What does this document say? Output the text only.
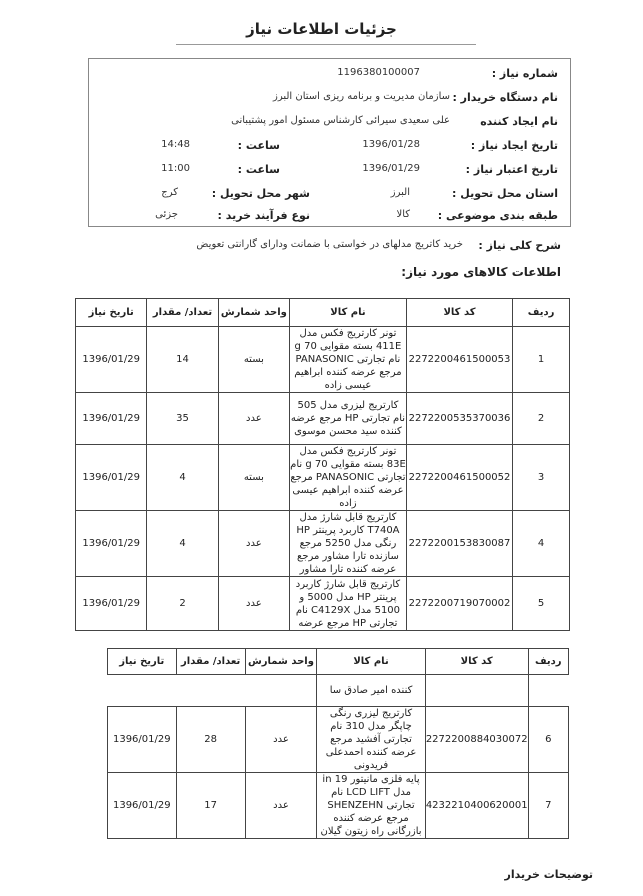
جزئیات اطلاعات نیاز
شماره نیاز :
1196380100007
نام دستگاه خریدار :
سازمان مدیریت و برنامه ریزی استان البرز
نام ایجاد کننده
علی سعیدی سیرائی کارشناس مسئول امور پشتیبانی
تاریخ ایجاد نیاز :
1396/01/28
ساعت :
14:48
تاریخ اعتبار نیاز :
1396/01/29
ساعت :
11:00
استان محل تحویل :
البرز
شهر محل تحویل :
کرج
طبقه بندی موضوعی :
کالا
نوع فرآیند خرید :
جزئی
شرح کلی نیاز :
خرید کاتریج مدلهای در خواستی با ضمانت ودارای گارانتی تعویض
اطلاعات کالاهای مورد نیاز:
ردیف	کد کالا	نام کالا	واحد شمارش	تعداد/ مقدار	تاریخ نیاز
1	2272200461500053	تونر کارتریج فکس مدل 411E بسته مقوایی 70 g نام تجارتی PANASONIC مرجع عرضه کننده ابراهیم عیسی زاده	بسته	14	1396/01/29
2	2272200535370036	کارتریج لیزری مدل 505 نام تجارتی HP مرجع عرضه کننده سید محسن موسوی	عدد	35	1396/01/29
3	2272200461500052	تونر کارتریج فکس مدل 83E بسته مقوایی 70 g نام تجارتی PANASONIC مرجع عرضه کننده ابراهیم عیسی زاده	بسته	4	1396/01/29
4	2272200153830087	کارتریج قابل شارژ مدل T740A کاربرد پرینتر HP رنگی مدل 5250 مرجع سازنده تارا مشاور مرجع عرضه کننده تارا مشاور	عدد	4	1396/01/29
5	2272200719070002	کارتریج قابل شارژ کاربرد پرینتر HP مدل 5000 و 5100 مدل C4129X نام تجارتی HP مرجع عرضه	عدد	2	1396/01/29
ردیف	کد کالا	نام کالا	واحد شمارش	تعداد/ مقدار	تاریخ نیاز
		کننده امیر صادق سا			
6	2272200884030072	کارتریج لیزری رنگی چاپگر مدل 310 نام تجارتی آفشید مرجع عرضه کننده احمدعلی فریدونی	عدد	28	1396/01/29
7	4232210400620001	پایه فلزی مانیتور in 19 مدل LCD LIFT نام تجارتی SHENZEHN مرجع عرضه کننده بازرگانی راه زیتون گیلان	عدد	17	1396/01/29
توضیحات خریدار
